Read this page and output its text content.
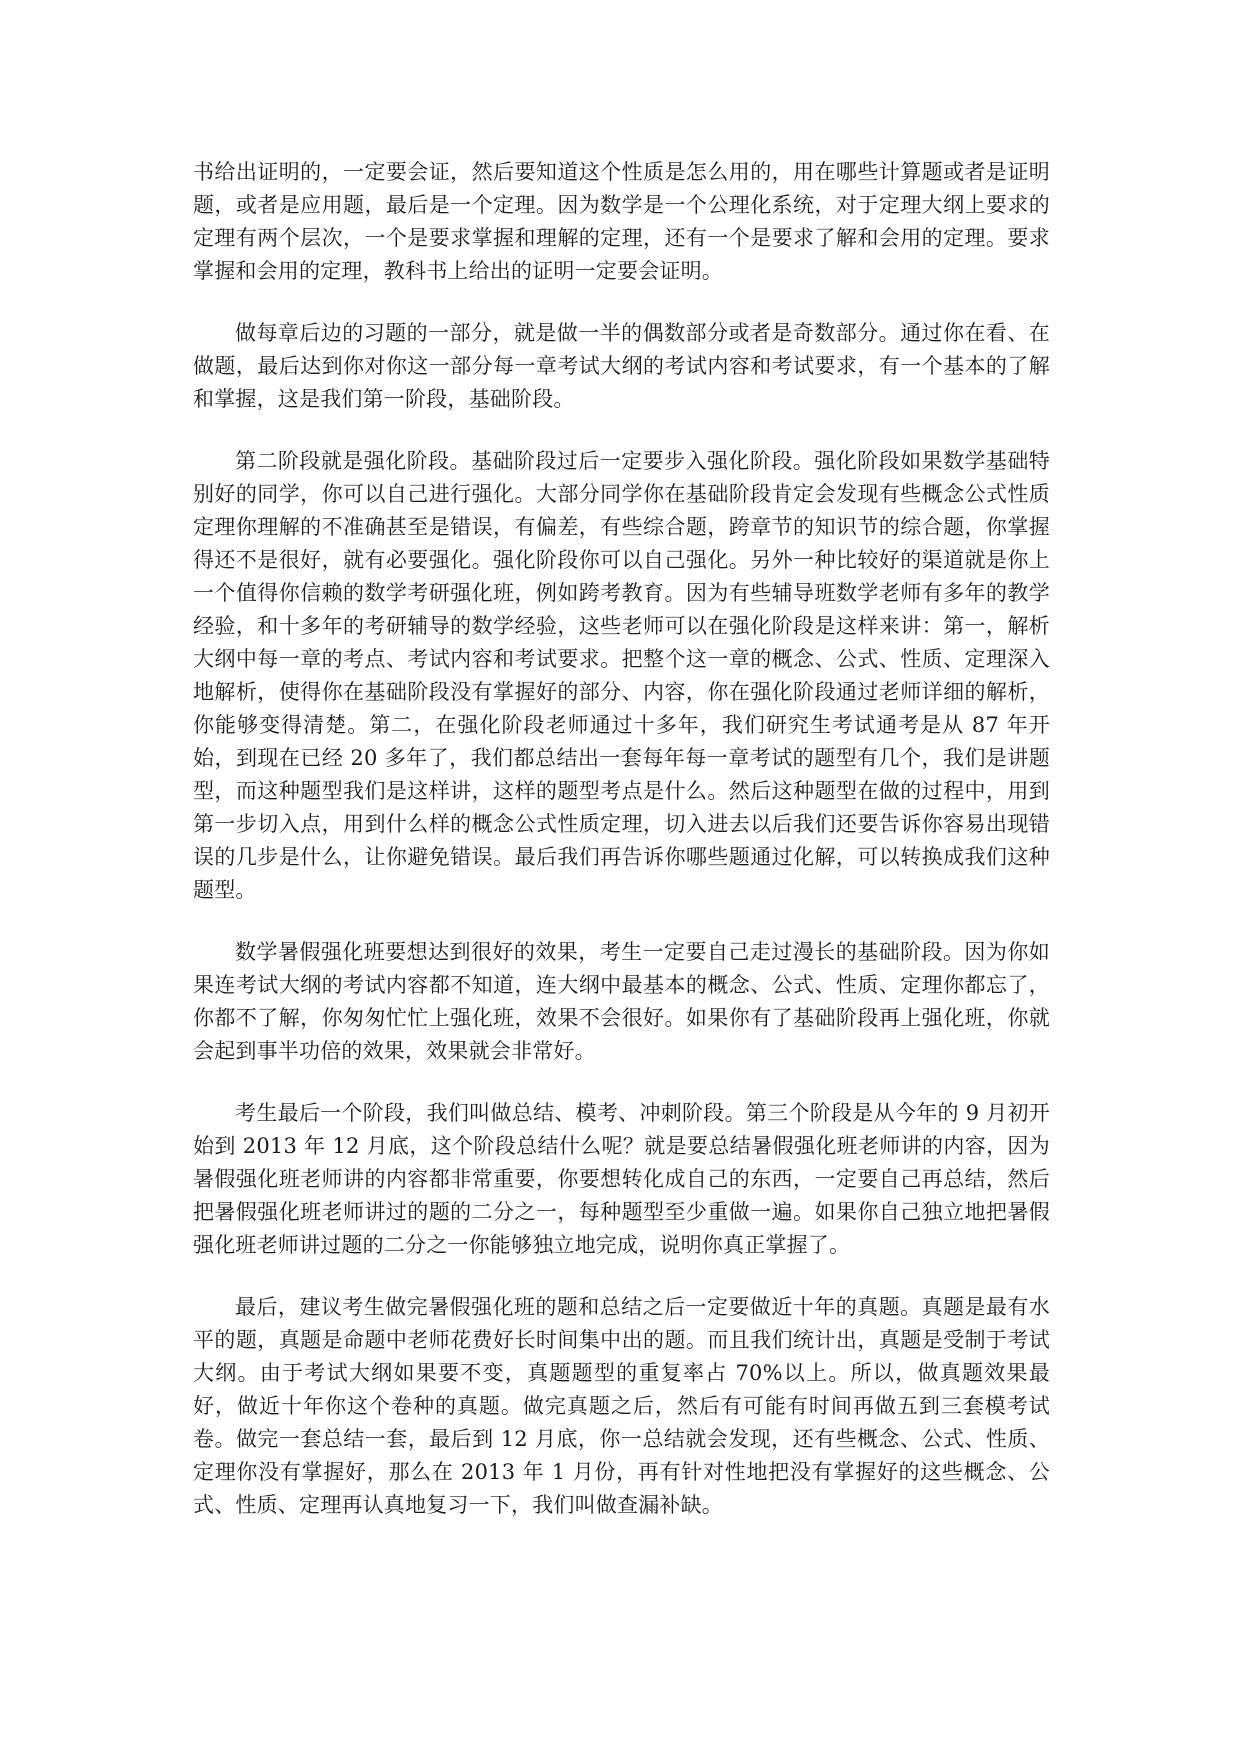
书给出证明的，一定要会证，然后要知道这个性质是怎么用的，用在哪些计算题或者是证明题，或者是应用题，最后是一个定理。因为数学是一个公理化系统，对于定理大纲上要求的定理有两个层次，一个是要求掌握和理解的定理，还有一个是要求了解和会用的定理。要求掌握和会用的定理，教科书上给出的证明一定要会证明。

做每章后边的习题的一部分，就是做一半的偶数部分或者是奇数部分。通过你在看、在做题，最后达到你对你这一部分每一章考试大纲的考试内容和考试要求，有一个基本的了解和掌握，这是我们第一阶段，基础阶段。

第二阶段就是强化阶段。基础阶段过后一定要步入强化阶段。强化阶段如果数学基础特别好的同学，你可以自己进行强化。大部分同学你在基础阶段肯定会发现有些概念公式性质定理你理解的不准确甚至是错误，有偏差，有些综合题，跨章节的知识节的综合题，你掌握得还不是很好，就有必要强化。强化阶段你可以自己强化。另外一种比较好的渠道就是你上一个值得你信赖的数学考研强化班，例如跨考教育。因为有些辅导班数学老师有多年的教学经验，和十多年的考研辅导的数学经验，这些老师可以在强化阶段是这样来讲：第一，解析大纲中每一章的考点、考试内容和考试要求。把整个这一章的概念、公式、性质、定理深入地解析，使得你在基础阶段没有掌握好的部分、内容，你在强化阶段通过老师详细的解析，你能够变得清楚。第二，在强化阶段老师通过十多年，我们研究生考试通考是从 87 年开始，到现在已经 20 多年了，我们都总结出一套每年每一章考试的题型有几个，我们是讲题型，而这种题型我们是这样讲，这样的题型考点是什么。然后这种题型在做的过程中，用到第一步切入点，用到什么样的概念公式性质定理，切入进去以后我们还要告诉你容易出现错误的几步是什么，让你避免错误。最后我们再告诉你哪些题通过化解，可以转换成我们这种题型。

数学暑假强化班要想达到很好的效果，考生一定要自己走过漫长的基础阶段。因为你如果连考试大纲的考试内容都不知道，连大纲中最基本的概念、公式、性质、定理你都忘了，你都不了解，你匆匆忙忙上强化班，效果不会很好。如果你有了基础阶段再上强化班，你就会起到事半功倍的效果，效果就会非常好。

考生最后一个阶段，我们叫做总结、模考、冲刺阶段。第三个阶段是从今年的 9 月初开始到 2013 年 12 月底，这个阶段总结什么呢？就是要总结暑假强化班老师讲的内容，因为暑假强化班老师讲的内容都非常重要，你要想转化成自己的东西，一定要自己再总结，然后把暑假强化班老师讲过的题的二分之一，每种题型至少重做一遍。如果你自己独立地把暑假强化班老师讲过题的二分之一你能够独立地完成，说明你真正掌握了。

最后，建议考生做完暑假强化班的题和总结之后一定要做近十年的真题。真题是最有水平的题，真题是命题中老师花费好长时间集中出的题。而且我们统计出，真题是受制于考试大纲。由于考试大纲如果要不变，真题题型的重复率占 70%以上。所以，做真题效果最好，做近十年你这个卷种的真题。做完真题之后，然后有可能有时间再做五到三套模考试卷。做完一套总结一套，最后到 12 月底，你一总结就会发现，还有些概念、公式、性质、定理你没有掌握好，那么在 2013 年 1 月份，再有针对性地把没有掌握好的这些概念、公式、性质、定理再认真地复习一下，我们叫做查漏补缺。
